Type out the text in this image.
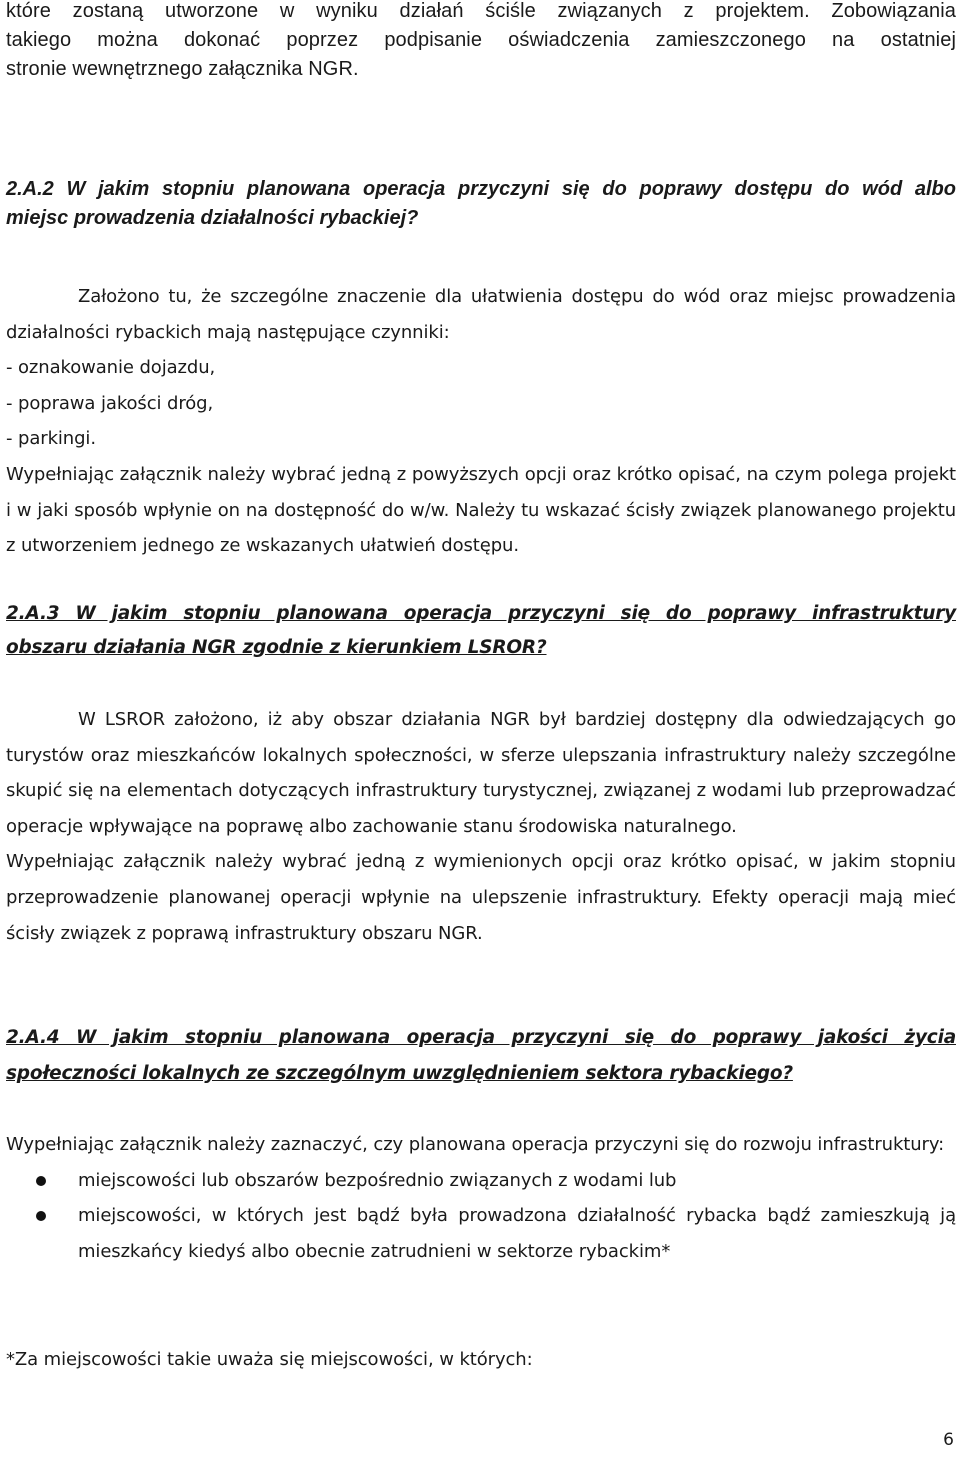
które zostaną utworzone w wyniku działań ściśle związanych z projektem. Zobowiązania
takiego można dokonać poprzez podpisanie oświadczenia zamieszczonego na ostatniej
stronie wewnętrznego załącznika NGR.
2.A.2 W jakim stopniu planowana operacja przyczyni się do poprawy dostępu do wód albo
miejsc prowadzenia działalności rybackiej?

Założono tu, że szczególne znaczenie dla ułatwienia dostępu do wód oraz miejsc prowadzenia działalności rybackich mają następujące czynniki:

- oznakowanie dojazdu,
- poprawa jakości dróg,
- parkingi.

Wypełniając załącznik należy wybrać jedną z powyższych opcji oraz krótko opisać, na czym polega projekt i w jaki sposób wpłynie on na dostępność do w/w. Należy tu wskazać ścisły związek planowanego projektu z utworzeniem jednego ze wskazanych ułatwień dostępu.

2.A.3 W jakim stopniu planowana operacja przyczyni się do poprawy infrastruktury
obszaru działania NGR zgodnie z kierunkiem LSROR?

W LSROR założono, iż aby obszar działania NGR był bardziej dostępny dla odwiedzających go turystów oraz mieszkańców lokalnych społeczności, w sferze ulepszania infrastruktury należy szczególne skupić się na elementach dotyczących infrastruktury turystycznej, związanej z wodami lub przeprowadzać operacje wpływające na poprawę albo zachowanie stanu środowiska naturalnego.

Wypełniając załącznik należy wybrać jedną z wymienionych opcji oraz krótko opisać, w jakim stopniu przeprowadzenie planowanej operacji wpłynie na ulepszenie infrastruktury. Efekty operacji mają mieć ścisły związek z poprawą infrastruktury obszaru NGR.

2.A.4 W jakim stopniu planowana operacja przyczyni się do poprawy jakości życia
społeczności lokalnych ze szczególnym uwzględnieniem sektora rybackiego?

Wypełniając załącznik należy zaznaczyć, czy planowana operacja przyczyni się do rozwoju infrastruktury:

miejscowości lub obszarów bezpośrednio związanych z wodami lub
miejscowości, w których jest bądź była prowadzona działalność rybacka bądź zamieszkują ją mieszkańcy kiedyś albo obecnie zatrudnieni w sektorze rybackim*

*Za miejscowości takie uważa się miejscowości, w których:

6
